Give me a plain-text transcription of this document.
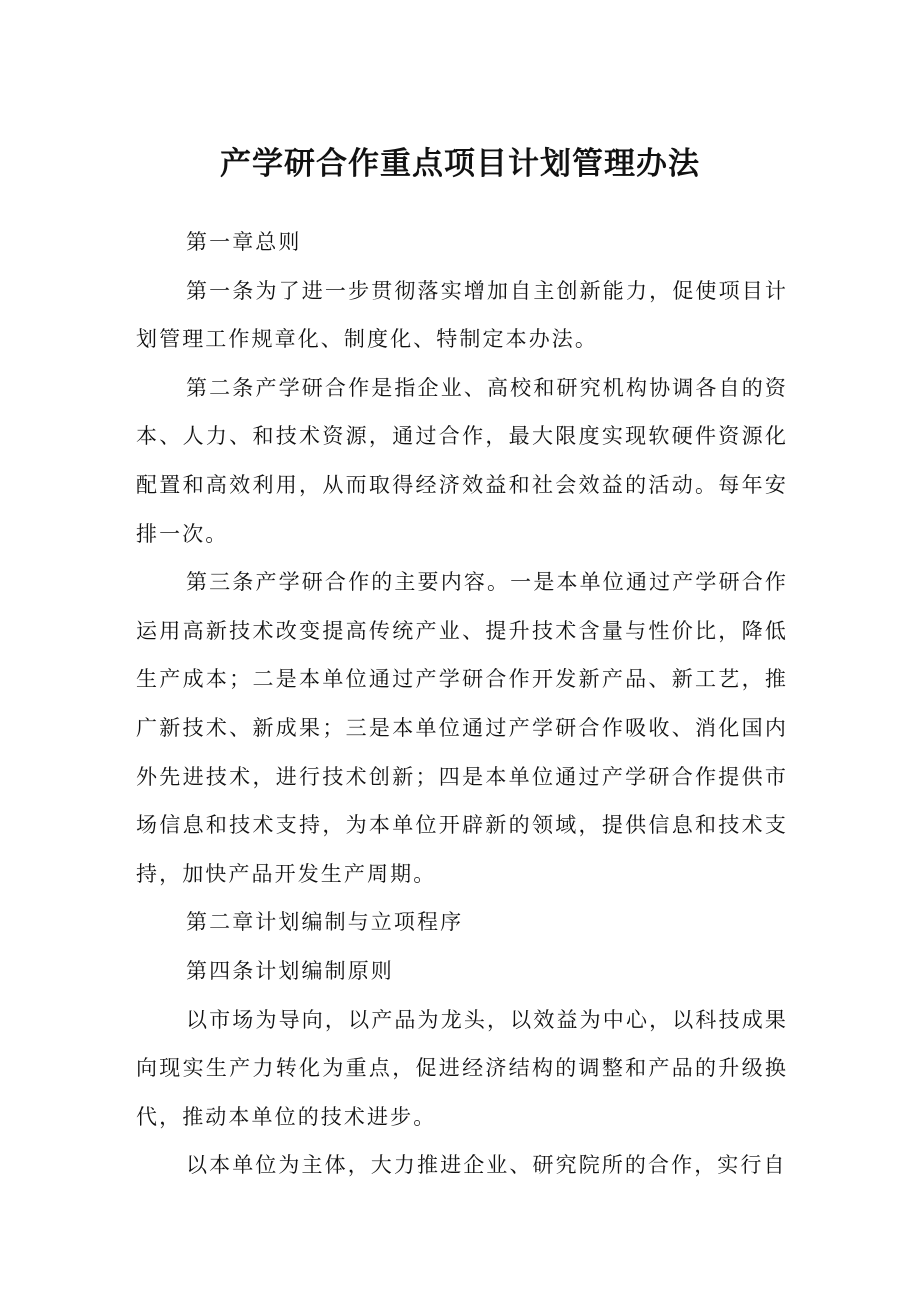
产学研合作重点项目计划管理办法

第一章总则

第一条为了进一步贯彻落实增加自主创新能力，促使项目计划管理工作规章化、制度化、特制定本办法。

第二条产学研合作是指企业、高校和研究机构协调各自的资本、人力、和技术资源，通过合作，最大限度实现软硬件资源化配置和高效利用，从而取得经济效益和社会效益的活动。每年安排一次。

第三条产学研合作的主要内容。一是本单位通过产学研合作运用高新技术改变提高传统产业、提升技术含量与性价比，降低生产成本；二是本单位通过产学研合作开发新产品、新工艺，推广新技术、新成果；三是本单位通过产学研合作吸收、消化国内外先进技术，进行技术创新；四是本单位通过产学研合作提供市场信息和技术支持，为本单位开辟新的领域，提供信息和技术支持，加快产品开发生产周期。

第二章计划编制与立项程序

第四条计划编制原则

以市场为导向，以产品为龙头，以效益为中心，以科技成果向现实生产力转化为重点，促进经济结构的调整和产品的升级换代，推动本单位的技术进步。

以本单位为主体，大力推进企业、研究院所的合作，实行自
